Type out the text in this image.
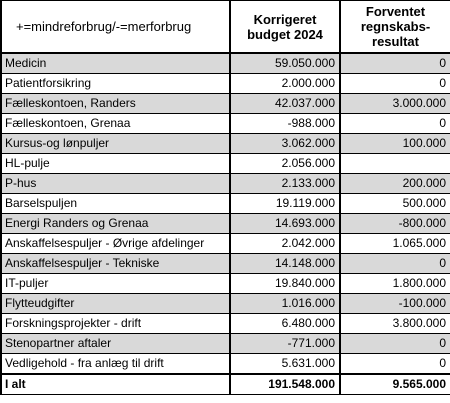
+=mindreforbrug/-=merforbrug	Korrigeret budget 2024	Forventet regnskabs-resultat
Medicin	59.050.000	0
Patientforsikring	2.000.000	0
Fælleskontoen, Randers	42.037.000	3.000.000
Fælleskontoen, Grenaa	-988.000	0
Kursus-og lønpuljer	3.062.000	100.000
HL-pulje	2.056.000	
P-hus	2.133.000	200.000
Barselspuljen	19.119.000	500.000
Energi Randers og Grenaa	14.693.000	-800.000
Anskaffelsespuljer - Øvrige afdelinger	2.042.000	1.065.000
Anskaffelsespuljer - Tekniske	14.148.000	0
IT-puljer	19.840.000	1.800.000
Flytteudgifter	1.016.000	-100.000
Forskningsprojekter - drift	6.480.000	3.800.000
Stenopartner aftaler	-771.000	0
Vedligehold - fra anlæg til drift	5.631.000	0
I alt	191.548.000	9.565.000
